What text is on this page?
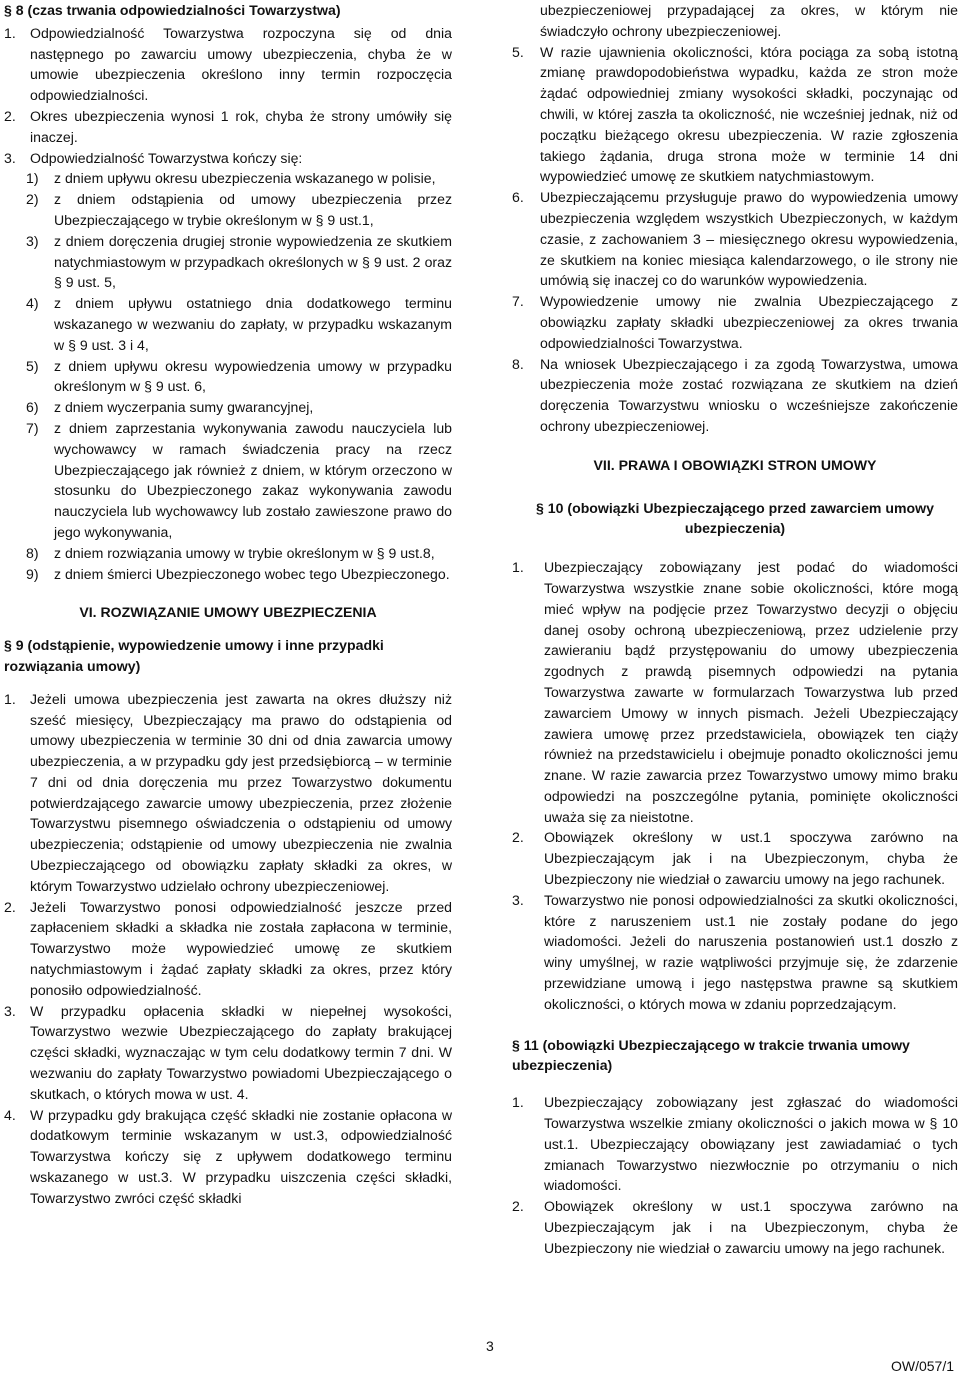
§ 8 (czas trwania odpowiedzialności Towarzystwa)

1. Odpowiedzialność Towarzystwa rozpoczyna się od dnia następnego po zawarciu umowy ubezpieczenia, chyba że w umowie ubezpieczenia określono inny termin rozpoczęcia odpowiedzialności.

2. Okres ubezpieczenia wynosi 1 rok, chyba że strony umówiły się inaczej.

3. Odpowiedzialność Towarzystwa kończy się:

1) z dniem upływu okresu ubezpieczenia wskazanego w polisie,

2) z dniem odstąpienia od umowy ubezpieczenia przez Ubezpieczającego w trybie określonym w § 9 ust.1,

3) z dniem doręczenia drugiej stronie wypowiedzenia ze skutkiem natychmiastowym w przypadkach określonych w § 9 ust. 2 oraz § 9 ust. 5,

4) z dniem upływu ostatniego dnia dodatkowego terminu wskazanego w wezwaniu do zapłaty, w przypadku wskazanym w § 9 ust. 3 i 4,

5) z dniem upływu okresu wypowiedzenia umowy w przypadku określonym w § 9 ust. 6,

6) z dniem wyczerpania sumy gwarancyjnej,

7) z dniem zaprzestania wykonywania zawodu nauczyciela lub wychowawcy w ramach świadczenia pracy na rzecz Ubezpieczającego jak również z dniem, w którym orzeczono w stosunku do Ubezpieczonego zakaz wykonywania zawodu nauczyciela lub wychowawcy lub zostało zawieszone prawo do jego wykonywania,

8) z dniem rozwiązania umowy w trybie określonym w § 9 ust.8,

9) z dniem śmierci Ubezpieczonego wobec tego Ubezpieczonego.

VI. ROZWIĄZANIE UMOWY UBEZPIECZENIA

§ 9 (odstąpienie, wypowiedzenie umowy i inne przypadki rozwiązania umowy)

1. Jeżeli umowa ubezpieczenia jest zawarta na okres dłuższy niż sześć miesięcy, Ubezpieczający ma prawo do odstąpienia od umowy ubezpieczenia w terminie 30 dni od dnia zawarcia umowy ubezpieczenia, a w przypadku gdy jest przedsiębiorcą – w terminie 7 dni od dnia doręczenia mu przez Towarzystwo dokumentu potwierdzającego zawarcie umowy ubezpieczenia, przez złożenie Towarzystwu pisemnego oświadczenia o odstąpieniu od umowy ubezpieczenia; odstąpienie od umowy ubezpieczenia nie zwalnia Ubezpieczającego od obowiązku zapłaty składki za okres, w którym Towarzystwo udzielało ochrony ubezpieczeniowej.

2. Jeżeli Towarzystwo ponosi odpowiedzialność jeszcze przed zapłaceniem składki a składka nie została zapłacona w terminie, Towarzystwo może wypowiedzieć umowę ze skutkiem natychmiastowym i żądać zapłaty składki za okres, przez który ponosiło odpowiedzialność.

3. W przypadku opłacenia składki w niepełnej wysokości, Towarzystwo wezwie Ubezpieczającego do zapłaty brakującej części składki, wyznaczając w tym celu dodatkowy termin 7 dni. W wezwaniu do zapłaty Towarzystwo powiadomi Ubezpieczającego o skutkach, o których mowa w ust. 4.

4. W przypadku gdy brakująca część składki nie zostanie opłacona w dodatkowym terminie wskazanym w ust.3, odpowiedzialność Towarzystwa kończy się z upływem dodatkowego terminu wskazanego w ust.3. W przypadku uiszczenia części składki, Towarzystwo zwróci część składki

ubezpieczeniowej przypadającej za okres, w którym nie świadczyło ochrony ubezpieczeniowej.

5. W razie ujawnienia okoliczności, która pociąga za sobą istotną zmianę prawdopodobieństwa wypadku, każda ze stron może żądać odpowiedniej zmiany wysokości składki, poczynając od chwili, w której zaszła ta okoliczność, nie wcześniej jednak, niż od początku bieżącego okresu ubezpieczenia. W razie zgłoszenia takiego żądania, druga strona może w terminie 14 dni wypowiedzieć umowę ze skutkiem natychmiastowym.

6. Ubezpieczającemu przysługuje prawo do wypowiedzenia umowy ubezpieczenia względem wszystkich Ubezpieczonych, w każdym czasie, z zachowaniem 3 – miesięcznego okresu wypowiedzenia, ze skutkiem na koniec miesiąca kalendarzowego, o ile strony nie umówią się inaczej co do warunków wypowiedzenia.

7. Wypowiedzenie umowy nie zwalnia Ubezpieczającego z obowiązku zapłaty składki ubezpieczeniowej za okres trwania odpowiedzialności Towarzystwa.

8. Na wniosek Ubezpieczającego i za zgodą Towarzystwa, umowa ubezpieczenia może zostać rozwiązana ze skutkiem na dzień doręczenia Towarzystwu wniosku o wcześniejsze zakończenie ochrony ubezpieczeniowej.

VII. PRAWA I OBOWIĄZKI STRON UMOWY

§ 10 (obowiązki Ubezpieczającego przed zawarciem umowy ubezpieczenia)

1. Ubezpieczający zobowiązany jest podać do wiadomości Towarzystwa wszystkie znane sobie okoliczności, które mogą mieć wpływ na podjęcie przez Towarzystwo decyzji o objęciu danej osoby ochroną ubezpieczeniową, przez udzielenie przy zawieraniu bądź przystępowaniu do umowy ubezpieczenia zgodnych z prawdą pisemnych odpowiedzi na pytania Towarzystwa zawarte w formularzach Towarzystwa lub przed zawarciem Umowy w innych pismach. Jeżeli Ubezpieczający zawiera umowę przez przedstawiciela, obowiązek ten ciąży również na przedstawicielu i obejmuje ponadto okoliczności jemu znane. W razie zawarcia przez Towarzystwo umowy mimo braku odpowiedzi na poszczególne pytania, pominięte okoliczności uważa się za nieistotne.

2. Obowiązek określony w ust.1 spoczywa zarówno na Ubezpieczającym jak i na Ubezpieczonym, chyba że Ubezpieczony nie wiedział o zawarciu umowy na jego rachunek.

3. Towarzystwo nie ponosi odpowiedzialności za skutki okoliczności, które z naruszeniem ust.1 nie zostały podane do jego wiadomości. Jeżeli do naruszenia postanowień ust.1 doszło z winy umyślnej, w razie wątpliwości przyjmuje się, że zdarzenie przewidziane umową i jego następstwa prawne są skutkiem okoliczności, o których mowa w zdaniu poprzedzającym.

§ 11 (obowiązki Ubezpieczającego w trakcie trwania umowy ubezpieczenia)

1. Ubezpieczający zobowiązany jest zgłaszać do wiadomości Towarzystwa wszelkie zmiany okoliczności o jakich mowa w § 10 ust.1. Ubezpieczający obowiązany jest zawiadamiać o tych zmianach Towarzystwo niezwłocznie po otrzymaniu o nich wiadomości.

2. Obowiązek określony w ust.1 spoczywa zarówno na Ubezpieczającym jak i na Ubezpieczonym, chyba że Ubezpieczony nie wiedział o zawarciu umowy na jego rachunek.

3
OW/057/1
